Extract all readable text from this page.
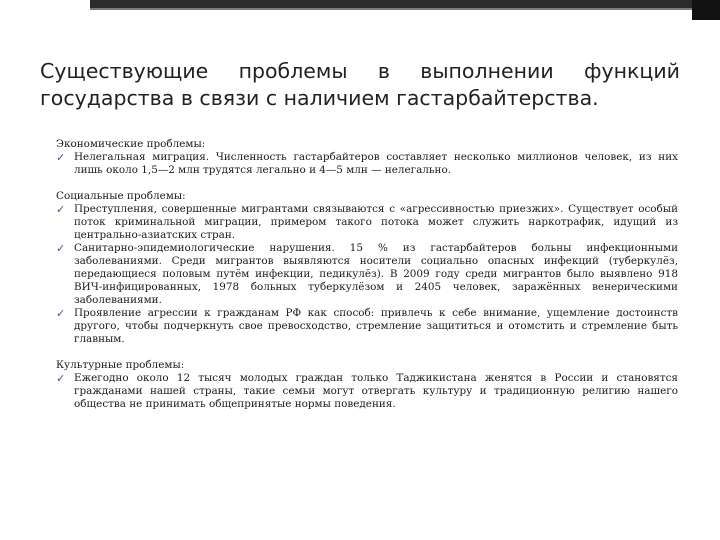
Существующие проблемы в выполнении функций
государства в связи с наличием гастарбайтерства.

Экономические проблемы:

✓ Нелегальная миграция. Численность гастарбайтеров составляет несколько миллионов человек, из них лишь около 1,5—2 млн трудятся легально и 4—5 млн — нелегально.

Социальные проблемы:

✓ Преступления, совершенные мигрантами связываются с «агрессивностью приезжих». Существует особый поток криминальной миграции, примером такого потока может служить наркотрафик, идущий из центрально-азиатских стран.
✓ Санитарно-эпидемиологические нарушения. 15 % из гастарбайтеров больны инфекционными заболеваниями. Среди мигрантов выявляются носители социально опасных инфекций (туберкулёз, передающиеся половым путём инфекции, педикулёз). В 2009 году среди мигрантов было выявлено 918 ВИЧ-инфицированных, 1978 больных туберкулёзом и 2405 человек, заражённых венерическими заболеваниями.
✓ Проявление агрессии к гражданам РФ как способ: привлечь к себе внимание, ущемление достоинств другого, чтобы подчеркнуть свое превосходство, стремление защититься и отомстить и стремление быть главным.

Культурные проблемы:

✓ Ежегодно около 12 тысяч молодых граждан только Таджикистана женятся в России и становятся гражданами нашей страны, такие семьи могут отвергать культуру и традиционную религию нашего общества не принимать общепринятые нормы поведения.
